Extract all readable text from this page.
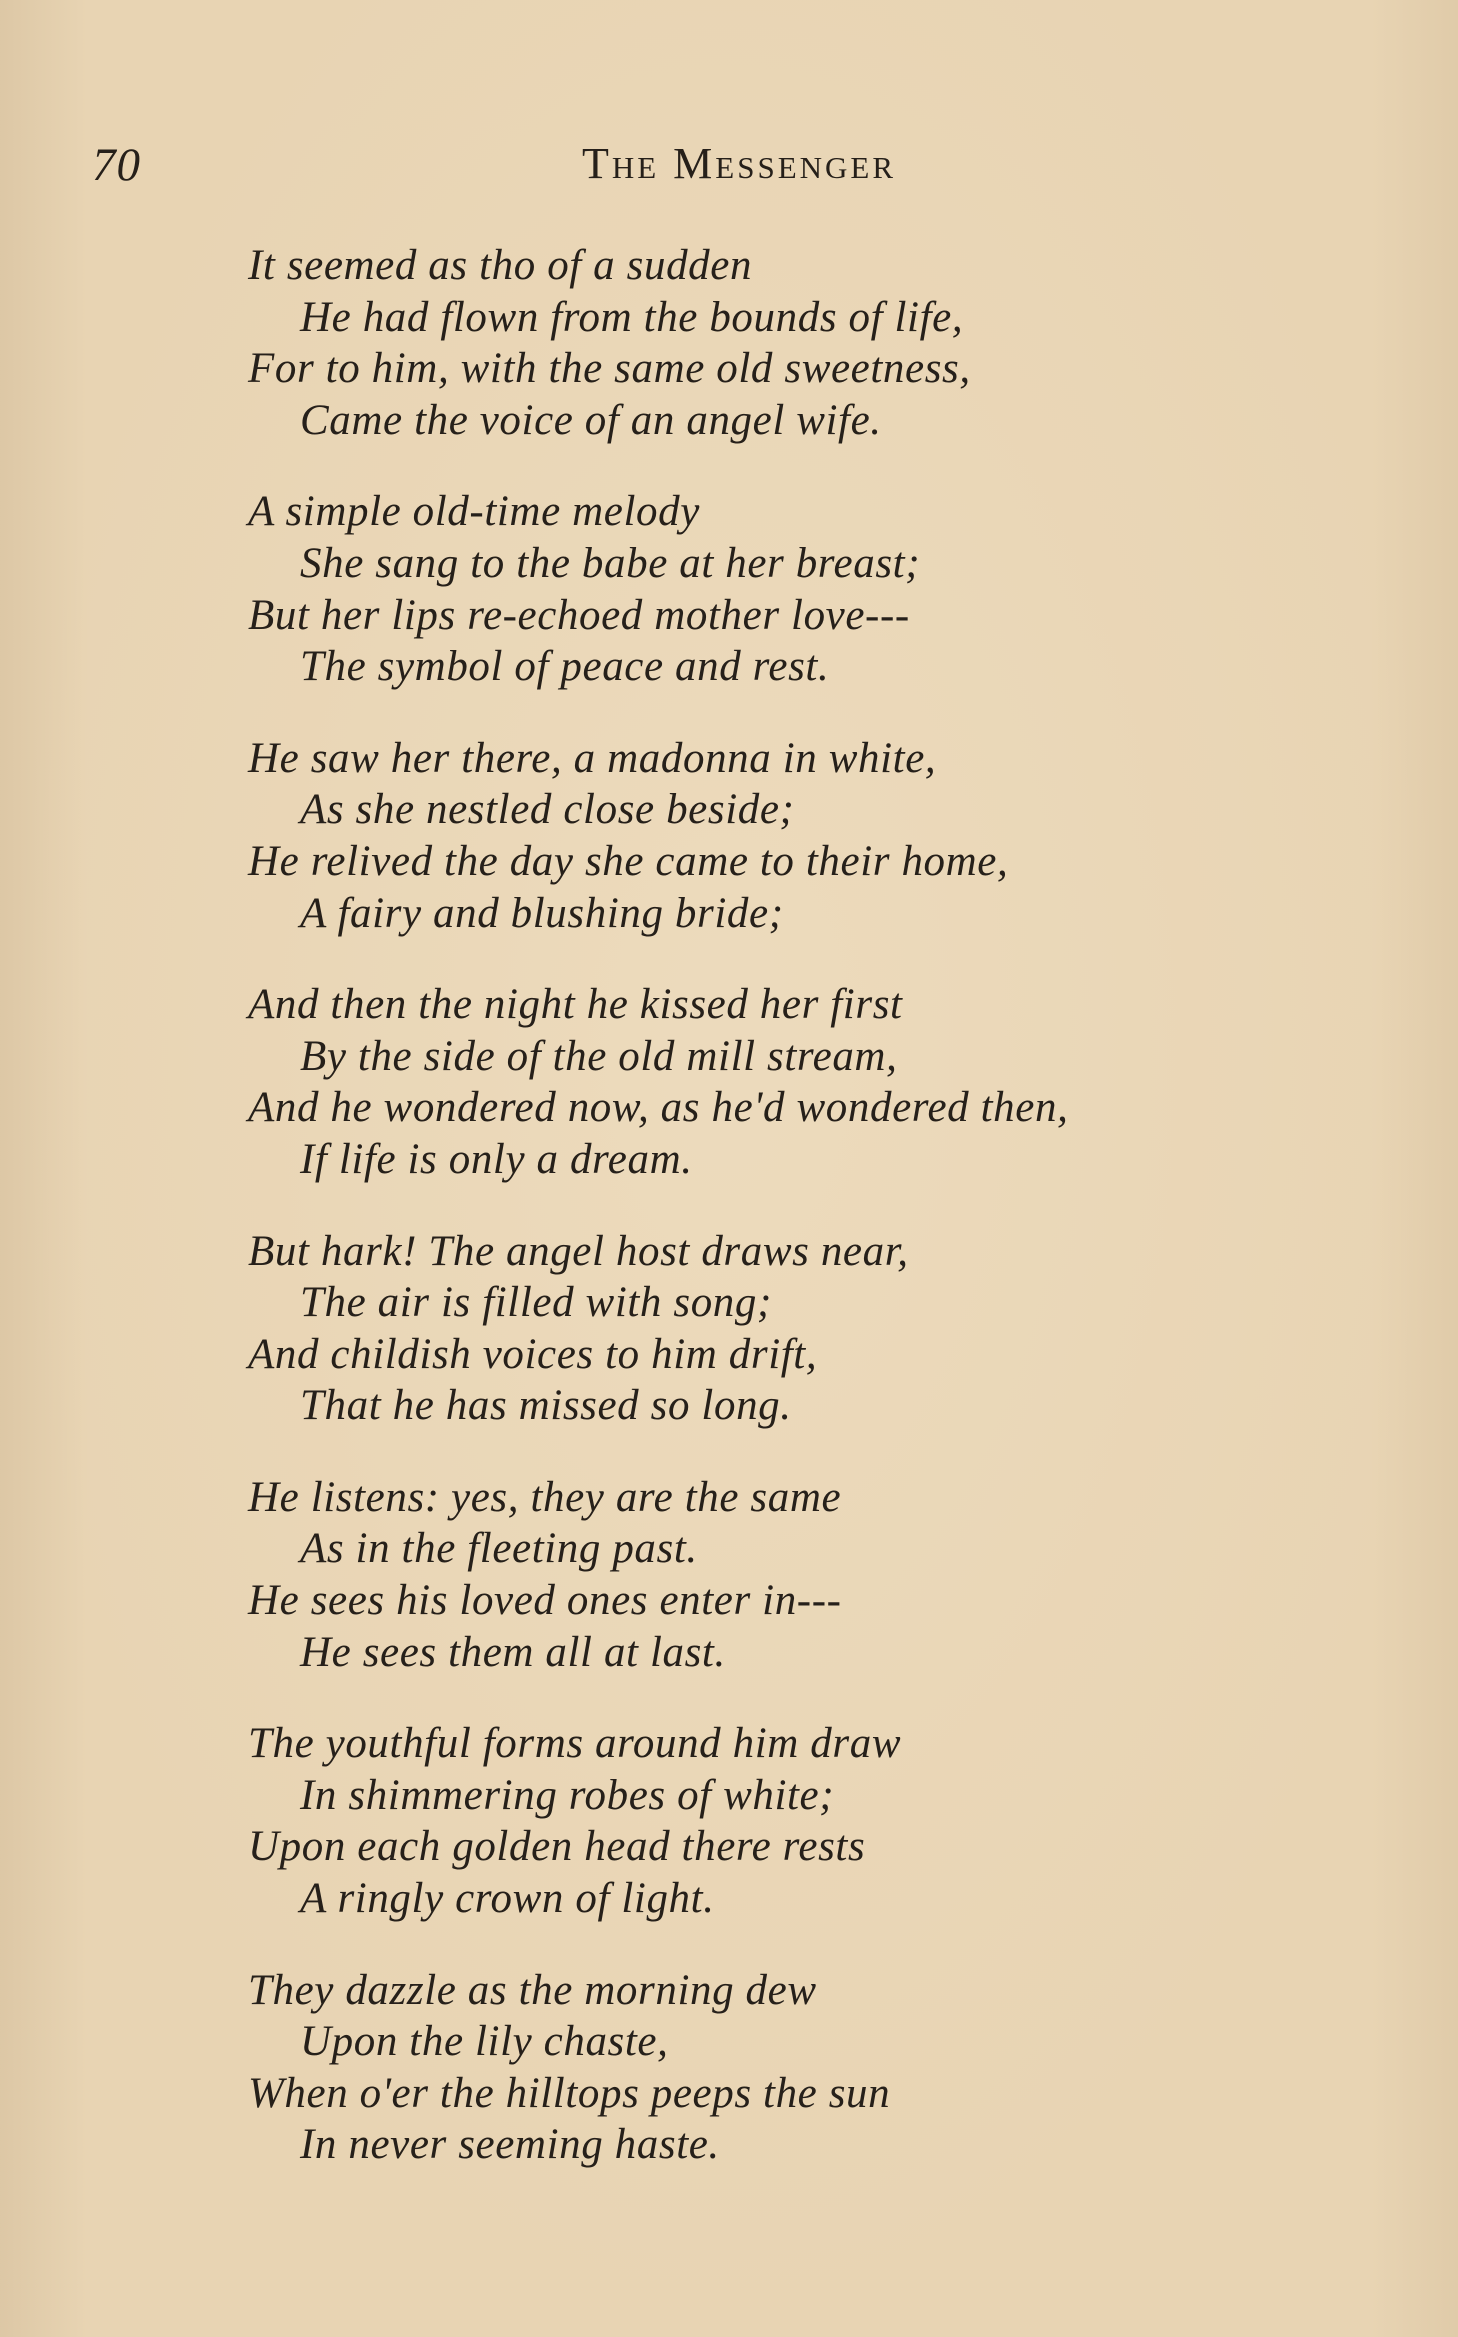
70	The Messenger
It seemed as tho of a sudden
He had flown from the bounds of life,
For to him, with the same old sweetness,
Came the voice of an angel wife.
A simple old-time melody
She sang to the babe at her breast;
But her lips re-echoed mother love---
The symbol of peace and rest.
He saw her there, a madonna in white,
As she nestled close beside;
He relived the day she came to their home,
A fairy and blushing bride;
And then the night he kissed her first
By the side of the old mill stream,
And he wondered now, as he'd wondered then,
If life is only a dream.
But hark! The angel host draws near,
The air is filled with song;
And childish voices to him drift,
That he has missed so long.
He listens: yes, they are the same
As in the fleeting past.
He sees his loved ones enter in---
He sees them all at last.
The youthful forms around him draw
In shimmering robes of white;
Upon each golden head there rests
A ringly crown of light.
They dazzle as the morning dew
Upon the lily chaste,
When o'er the hilltops peeps the sun
In never seeming haste.
